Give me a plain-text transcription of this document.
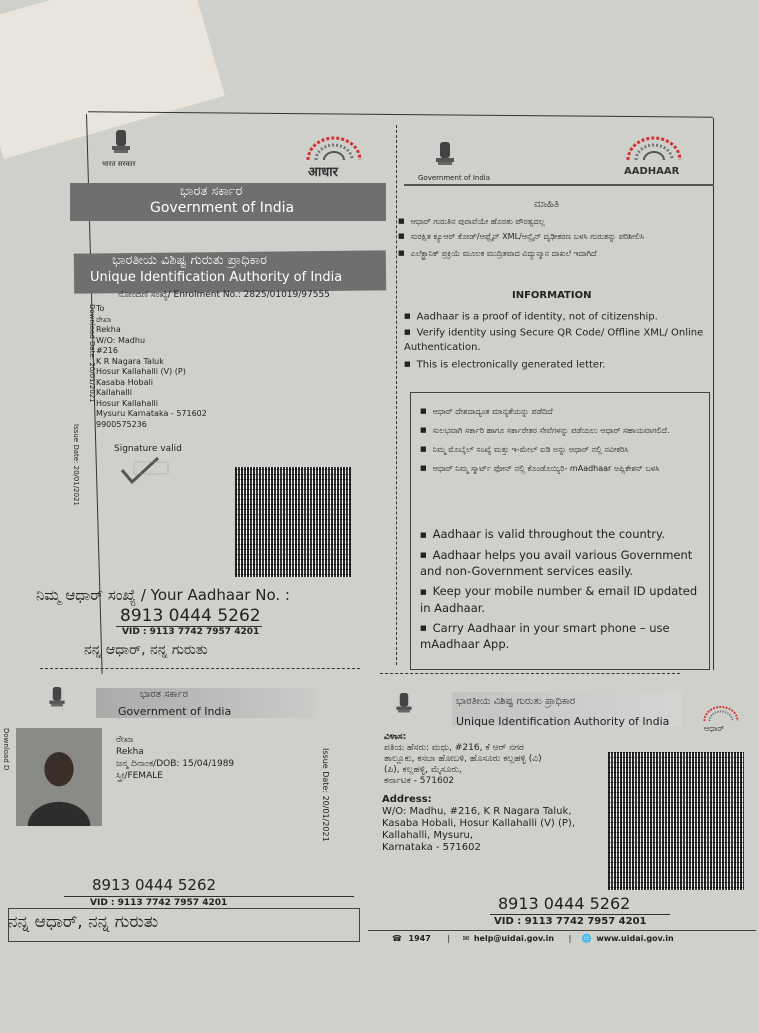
भारत सरकार
आधार
ಭಾರತ ಸರ್ಕಾರ
Government of India
ಭಾರತೀಯ ವಿಶಿಷ್ಟ ಗುರುತು ಪ್ರಾಧಿಕಾರ
Unique Identification Authority of India
ನೋಂದಣಿ ಸಂಖ್ಯೆ/ Enrolment No.: 2825/01019/97555
Download Date: 20/01/2021
Issue Date: 20/01/2021
To
ರೇಖಾ
Rekha
W/O: Madhu
#216
K R Nagara Taluk
Hosur Kallahalli (V) (P)
Kasaba Hobali
Kallahalli
Hosur Kallahalli
Mysuru Karnataka - 571602
9900575236
Signature valid
ನಿಮ್ಮ ಆಧಾರ್ ಸಂಖ್ಯೆ / Your Aadhaar No. :
8913 0444 5262
VID : 9113 7742 7957 4201
ನನ್ನ ಆಧಾರ್, ನನ್ನ ಗುರುತು
Government of India
AADHAAR
ಮಾಹಿತಿ
■ ಆಧಾರ್ ಗುರುತಿನ ಪುರಾವೆಯೇ ಹೊರತು ಪೌರತ್ವದಲ್ಲ
■ ಸುರಕ್ಷಿತ ಕ್ಯೂಆರ್ ಕೋಡ್/ಆಫ್ಲೈನ್ XML/ಆನ್ಲೈನ್ ದೃಢೀಕರಣ ಬಳಸಿ ಗುರುತನ್ನು ಪರಿಶೀಲಿಸಿ
■ ಎಲೆಕ್ಟ್ರಾನಿಕ್ ಪ್ರಕ್ರಿಯೆ ಮೂಲಕ ಮುದ್ರಿತವಾದ ವಿದ್ಯುನ್ಮಾನ ದಾಖಲೆ ಇದಾಗಿದೆ
INFORMATION
■ Aadhaar is a proof of identity, not of citizenship.
■ Verify identity using Secure QR Code/ Offline XML/ Online Authentication.
■ This is electronically generated letter.
■ ಆಧಾರ್ ದೇಶದಾದ್ಯಂತ ಮಾನ್ಯತೆಯನ್ನು ಪಡೆದಿದೆ
■ ಸುಲಭವಾಗಿ ಸರ್ಕಾರಿ ಹಾಗೂ ಸರ್ಕಾರೇತರ ಸೇವೆಗಳನ್ನು ಪಡೆಯಲು ಆಧಾರ್ ಸಹಾಯವಾಗಲಿದೆ.
■ ನಿಮ್ಮ ಮೊಬೈಲ್ ಸಂಖ್ಯೆ ಮತ್ತು ಇ-ಮೇಲ್ ಐಡಿ ಅನ್ನು ಆಧಾರ್ ನಲ್ಲಿ ನವೀಕರಿಸಿ
■ ಆಧಾರ್ ನಿಮ್ಮ ಸ್ಮಾರ್ಟ್ ಫೋನ್ ನಲ್ಲಿ ಕೊಂಡೊಯ್ಯಿರಿ- mAadhaar ಅಪ್ಲಿಕೇಶನ್ ಬಳಸಿ
■ Aadhaar is valid throughout the country.
■ Aadhaar helps you avail various Government and non-Government services easily.
■ Keep your mobile number & email ID updated in Aadhaar.
■ Carry Aadhaar in your smart phone – use mAadhaar App.
ಭಾರತ ಸರ್ಕಾರ
Government of India
Download D	Issue Date: 20/01/2021
ರೇಖಾ
Rekha
ಜನ್ಮ ದಿನಾಂಕ/DOB: 15/04/1989
ಸ್ತ್ರೀ/FEMALE
8913 0444 5262
VID : 9113 7742 7957 4201
ನನ್ನ ಆಧಾರ್, ನನ್ನ ಗುರುತು
ಭಾರತೀಯ ವಿಶಿಷ್ಟ ಗುರುತು ಪ್ರಾಧಿಕಾರ
Unique Identification Authority of India
ಆಧಾರ್
ವಿಳಾಸ:
ಪತಿಯ ಹೆಸರು: ಮಧು, #216, ಕೆ ಆರ್ ನಗರ
ತಾಲ್ಲೂಕು, ಕಸಬಾ ಹೋಬಳಿ, ಹೊಸೂರು ಕಲ್ಲಹಳ್ಳಿ (ವಿ)
(ಪಿ), ಕಲ್ಲಹಳ್ಳಿ, ಮೈಸೂರು,
ಕರ್ನಾಟಕ - 571602
Address:
W/O: Madhu, #216, K R Nagara Taluk,
Kasaba Hobali, Hosur Kallahalli (V) (P),
Kallahalli, Mysuru,
Karnataka - 571602
8913 0444 5262
VID : 9113 7742 7957 4201
☎ 1947 | ✉ help@uidai.gov.in | 🌐 www.uidai.gov.in
